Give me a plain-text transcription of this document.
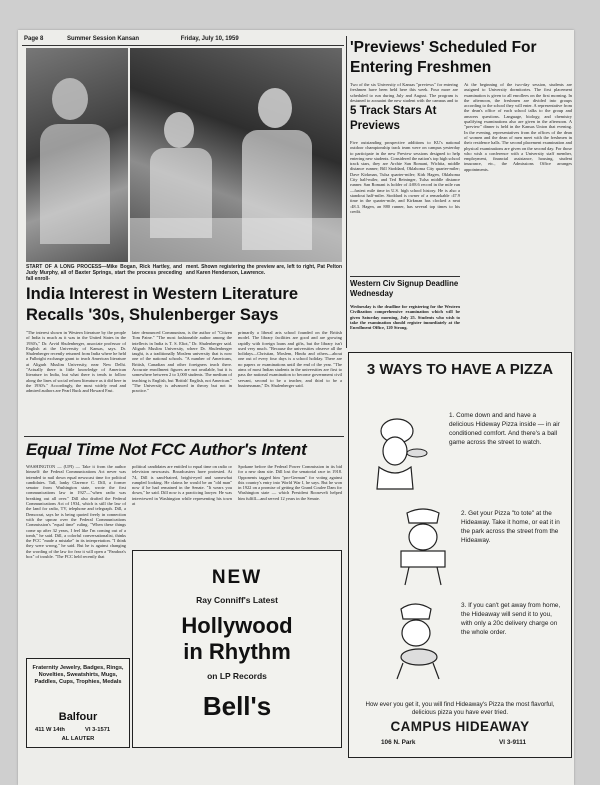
Page 8	Summer Session Kansan	Friday, July 10, 1959
START OF A LONG PROCESS—Mike Bogan, Rick Hartley, and Judy Murphy, all of Baxter Springs, start the process preceding fall enroll-
ment. Shown registering the preview are, left to right, Pat Pelton and Karen Henderson, Lawrence.
India Interest in Western Literature Recalls '30s, Shulenberger Says
"The interest shown in Western literature by the people of India is much as it was in the United States in the 1930's," Dr. Arvid Shulenberger, associate professor of English at the University of Kansas, says. Dr. Shulenberger recently returned from India where he held a Fulbright exchange grant to teach American literature at Aligarh Muslim University, near New Delhi. "Actually there is little knowledge of American literature in India, but what there is tends to follow along the lines of social reform literature as it did here in the 1930's." Accordingly, the most widely read and admired authors are Pearl Buck and Howard Fast.
later denounced Communism, is the author of "Citizen Tom Paine." "The most fashionable author among the intellects in India is T. S. Eliot," Dr. Shulenberger said. Aligarh Muslim University, where Dr. Shulenberger taught, is a traditionally Moslem university that is now one of the national schools. "A number of Americans, British, Canadian and other foreigners teach there. Accurate enrollment figures are not available, but it is somewhere between 2 to 3,000 students. The medium of teaching is English, but 'British' English, not American." "The University is advanced in theory but not in practice."
primarily a liberal arts school founded on the British model. The library facilities are good and are growing rapidly with foreign loans and gifts, but the library isn't used very much. "Because the universities observe all the holidays—Christian, Moslem, Hindu and others—about one out of every four days is a school holiday. There are no papers or examinations until the end of the year. "The aims of most Indian students in the universities are first to pass the national examination to become government civil servant, second to be a teacher, and third to be a businessman," Dr. Shulenberger said.
Equal Time Not FCC Author's Intent
WASHINGTON — (UPI) — Take it from the author himself: the Federal Communications Act never was intended to nail down equal newscast time for political candidates. Tall, lanky Clarence C. Dill, a former senator from Washington state, wrote the first communications law in 1927—"when radio was breaking out all over." Dill also drafted the Federal Communications Act of 1934, which is still the law of the land for radio, TV, telephone and telegraph. Dill, a Democrat, says he is being quoted freely in connection with the uproar over the Federal Communications Commission's "equal time" ruling. "When these things come up after 32 years, I feel like I'm coming out of a tomb," he said. Dill, a colorful conversationalist, thinks the FCC "made a mistake" in its interpretation. "I think they were wrong," he said. But he is against changing the wording of the law for fear it will open a "Pandora's box" of trouble. "The FCC held recently that
political candidates are entitled to equal time on radio or television newscasts. Broadcasters have protested. At 74, Dill is sand-haired, bright-eyed and somewhat rumpled looking. He claims he would be an "old man" now if he had remained in the Senate. "It wears you down," he said. Dill now is a practicing lawyer. He was interviewed in Washington while representing his town at
Spokane before the Federal Power Commission in its bid for a new dam site. Dill lost the senatorial race in 1918. Opponents tagged him "pro-German" for voting against this country's entry into World War I, he says. But he won in 1922 on a promise of getting the Grand Coulee Dam for Washington state — which President Roosevelt helped him fulfill—and served 12 years in the Senate.
NEW
Ray Conniff's Latest
Hollywood
in Rhythm
on LP Records
Bell's
Fraternity Jewelry, Badges, Rings, Novelties, Sweatshirts, Mugs, Paddles, Cups, Trophies, Medals
Balfour
411 W 14th	VI 3-1571
AL LAUTER
'Previews' Scheduled For Entering Freshmen
Two of the six University of Kansas "previews" for entering freshmen have been held here this week. Four more are scheduled to run during July and August. The program is designed to acquaint the new student with the campus and to
At the beginning of the two-day session, students are assigned to University dormitories. The first placement examination is given to all enrollees on the first morning. In the afternoon, the freshmen are divided into groups according to the school they will enter. A representative from the dean's office of each school talks to the group and answers questions. Language, biology, and chemistry qualifying examinations also are given in the afternoon. A "preview" dinner is held in the Kansas Union that evening. In the evening, representatives from the offices of the dean of women and the dean of men meet with the freshmen in their residence halls. The second placement examination and physical examinations are given on the second day. For those who wish a conference with a University staff member, employment, financial assistance, housing, student insurance, etc., the Admissions Office arranges appointments.
5 Track Stars At Previews
Five outstanding prospective additions to KU's national outdoor championship track team were on campus yesterday to participate in the new Preview sessions designed to help entering new students. Considered the nation's top high school track stars, they are Archie San Romani, Wichita, middle distance runner; Bill Stoddard, Oklahoma City quarter-miler; Dave Kirkman, Tulsa quarter-miler; Kirk Hagen, Oklahoma City half-miler, and Ted Reininger, Tulsa middle distance runner. San Romani is holder of 4:08.6 record in the mile run—fastest mile time in U.S. high school history. He is also a standout half-miler. Stoddard is owner of a remarkable :47.9 time in the quarter-mile, and Kirkman has clocked a neat :48.3. Hagen, an 880 runner, has several top times to his credit.
Western Civ Signup Deadline Wednesday
Wednesday is the deadline for registering for the Western Civilization comprehensive examination which will be given Saturday morning, July 25. Students who wish to take the examination should register immediately at the Enrollment Office, 120 Strong.
3 WAYS TO HAVE A PIZZA
1. Come down and and have a delicious Hideway Pizza inside — in air conditioned comfort. And there's a ball game across the street to watch.
2. Get your Pizza "to tote" at the Hideaway. Take it home, or eat it in the park across the street from the Hideaway.
3. If you can't get away from home, the Hideaway will send it to you, with only a 20c delivery charge on the whole order.
How ever you get it, you will find Hideaway's Pizza the most flavorful, delicious pizza you have ever tried.
CAMPUS HIDEAWAY
106 N. Park	VI 3-9111
